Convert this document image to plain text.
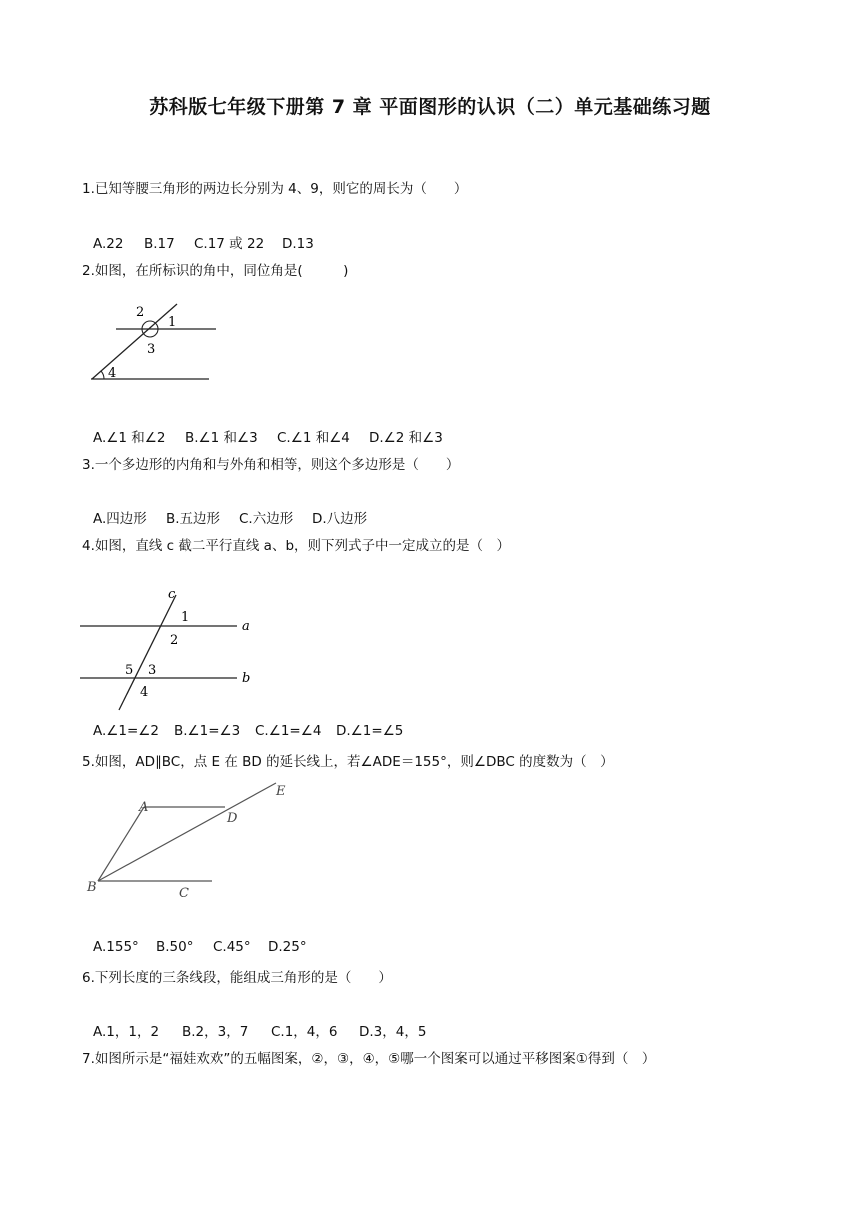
苏科版七年级下册第 7 章 平面图形的认识（二）单元基础练习题
1.已知等腰三角形的两边长分别为 4、9，则它的周长为（　　）
A.22 B.17 C.17 或 22 D.13
2.如图，在所标识的角中，同位角是(　　　)
2
1
3
4
A.∠1 和∠2 B.∠1 和∠3 C.∠1 和∠4 D.∠2 和∠3
3.一个多边形的内角和与外角和相等，则这个多边形是（　　）
A.四边形 B.五边形 C.六边形 D.八边形
4.如图，直线 c 截二平行直线 a、b，则下列式子中一定成立的是（　）
c
1
a
2
5 3
b
4
A.∠1=∠2 B.∠1=∠3 C.∠1=∠4 D.∠1=∠5
5.如图，AD∥BC，点 E 在 BD 的延长线上，若∠ADE＝155°，则∠DBC 的度数为（　）
A
D
E
B	C
A.155° B.50° C.45° D.25°
6.下列长度的三条线段，能组成三角形的是（　　）
A.1，1，2 B.2，3，7 C.1，4，6 D.3，4，5
7.如图所示是“福娃欢欢”的五幅图案，②，③，④，⑤哪一个图案可以通过平移图案①得到（　）
